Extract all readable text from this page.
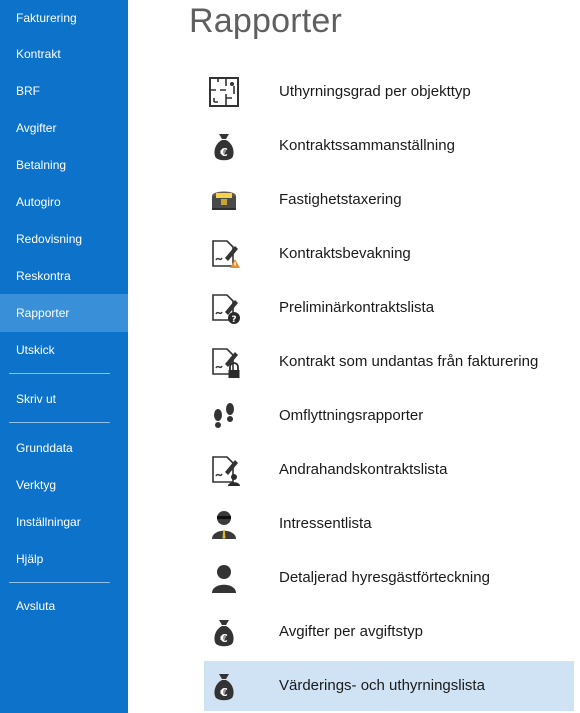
Fakturering
Kontrakt
BRF
Avgifter
Betalning
Autogiro
Redovisning
Reskontra
Rapporter
Utskick
Skriv ut
Grunddata
Verktyg
Inställningar
Hjälp
Avsluta
Rapporter
Uthyrningsgrad per objekttyp
€	Kontraktssammanställning
Fastighetstaxering
Kontraktsbevakning
?
Preliminärkontraktslista
Kontrakt som undantas från fakturering
Omflyttningsrapporter
Andrahandskontraktslista
Intressentlista
Detaljerad hyresgästförteckning
€	Avgifter per avgiftstyp
€	Värderings- och uthyrningslista
